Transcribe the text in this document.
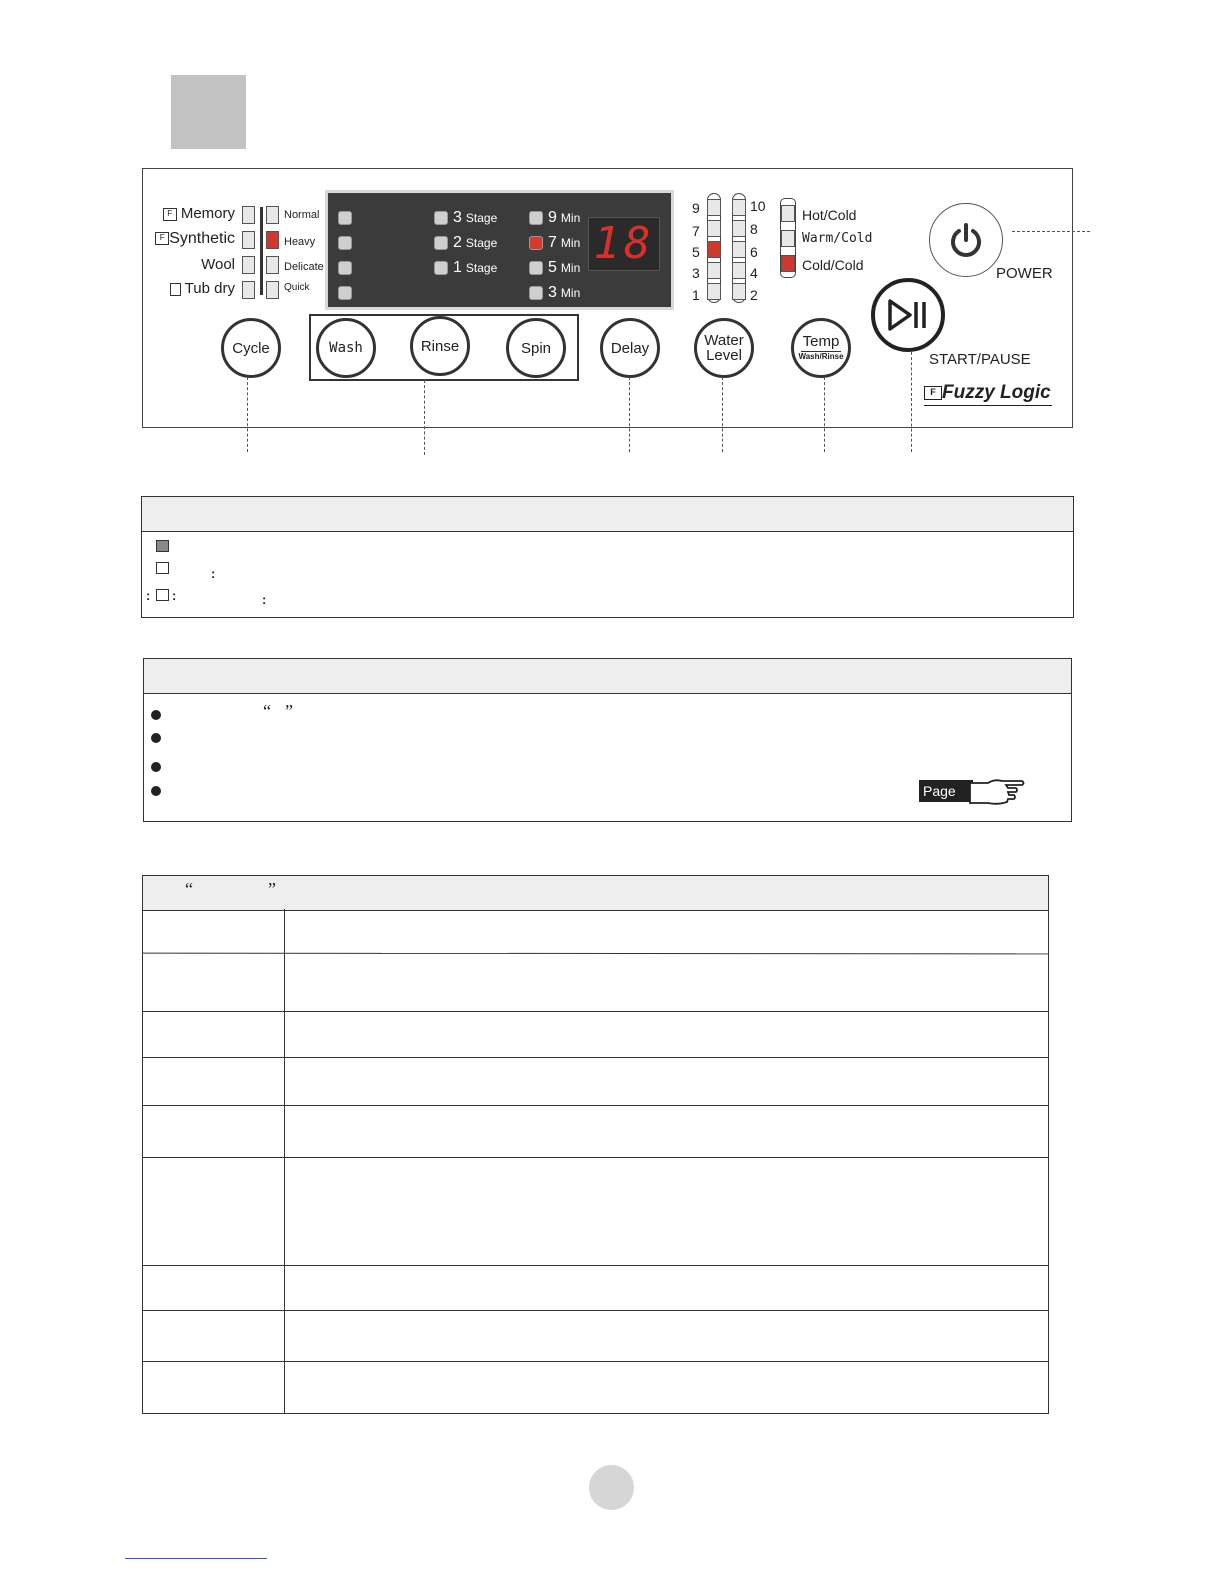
F Memory
F Synthetic
Wool
Tub dry
Normal
Heavy
Delicate
Quick
3 Stage
2 Stage
1 Stage
9 Min
7 Min
5 Min
3 Min
18
Cycle	Wash	Rinse	Spin	Delay	Water
Level
Temp
Wash/Rinse
POWER
START/PAUSE
F Fuzzy Logic
9
7
5
3
1
10
8
6
4
2
Hot/Cold
Warm/Cold
Cold/Cold
:
: :	:
“ ”
Page
“	”
